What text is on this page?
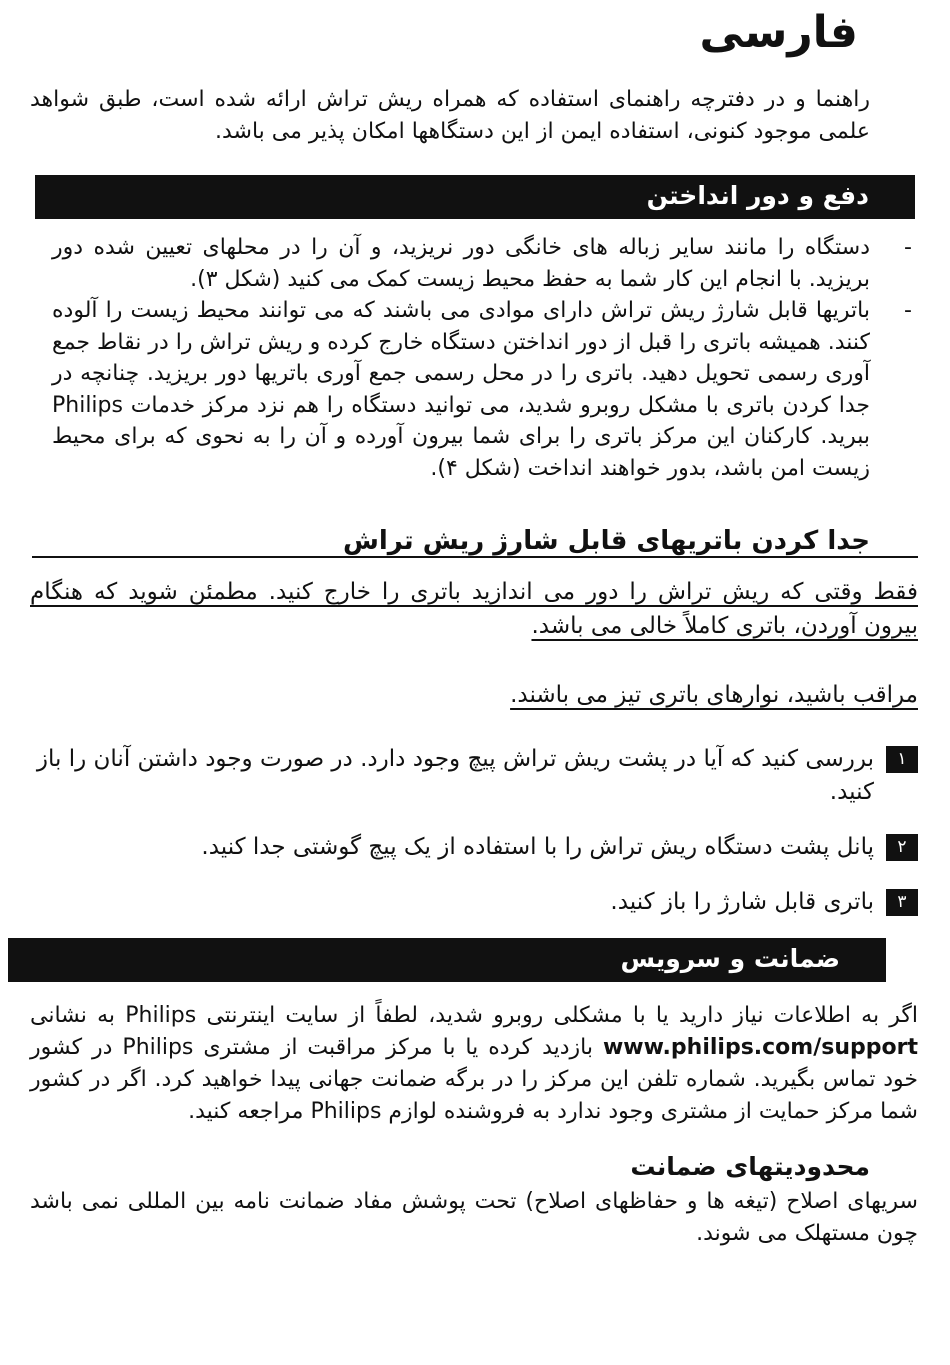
فارسی

راهنما و در دفترچه راهنمای استفاده که همراه ریش تراش ارائه شده است، طبق شواهد علمی موجود کنونی، استفاده ایمن از این دستگاهها امکان پذیر می باشد.

دفع و دور انداختن
-
دستگاه را مانند سایر زباله های خانگی دور نریزید، و آن را در محلهای تعیین شده دور بریزید. با انجام این کار شما به حفظ محیط زیست کمک می کنید (شکل ۳).
-
باتریها قابل شارژ ریش تراش دارای موادی می باشند که می توانند محیط زیست را آلوده کنند. همیشه باتری را قبل از دور انداختن دستگاه خارج کرده و ریش تراش را در نقاط جمع آوری رسمی تحویل دهید. باتری را در محل رسمی جمع آوری باتریها دور بریزید. چنانچه در جدا کردن باتری با مشکل روبرو شدید، می توانید دستگاه را هم نزد مرکز خدمات Philips ببرید. کارکنان این مرکز باتری را برای شما بیرون آورده و آن را به نحوی که برای محیط زیست امن باشد، بدور خواهند انداخت (شکل ۴).
جدا کردن باتریهای قابل شارژ ریش تراش

فقط وقتی که ریش تراش را دور می اندازید باتری را خارج کنید. مطمئن شوید که هنگام بیرون آوردن، باتری کاملاً خالی می باشد.

مراقب باشید، نوارهای باتری تیز می باشند.

۱
بررسی کنید که آیا در پشت ریش تراش پیچ وجود دارد. در صورت وجود داشتن آنان را باز کنید.
۲
پانل پشت دستگاه ریش تراش را با استفاده از یک پیچ گوشتی جدا کنید.
۳
باتری قابل شارژ را باز کنید.
ضمانت و سرویس

اگر به اطلاعات نیاز دارید یا با مشکلی روبرو شدید، لطفاً از سایت اینترنتی Philips به نشانی www.philips.com/support بازدید کرده یا با مرکز مراقبت از مشتری Philips در کشور خود تماس بگیرید. شماره تلفن این مرکز را در برگه ضمانت جهانی پیدا خواهید کرد. اگر در کشور شما مرکز حمایت از مشتری وجود ندارد به فروشنده لوازم Philips مراجعه کنید.

محدودیتهای ضمانت

سریهای اصلاح (تیغه ها و حفاظهای اصلاح) تحت پوشش مفاد ضمانت نامه بین المللی نمی باشد چون مستهلک می شوند.
